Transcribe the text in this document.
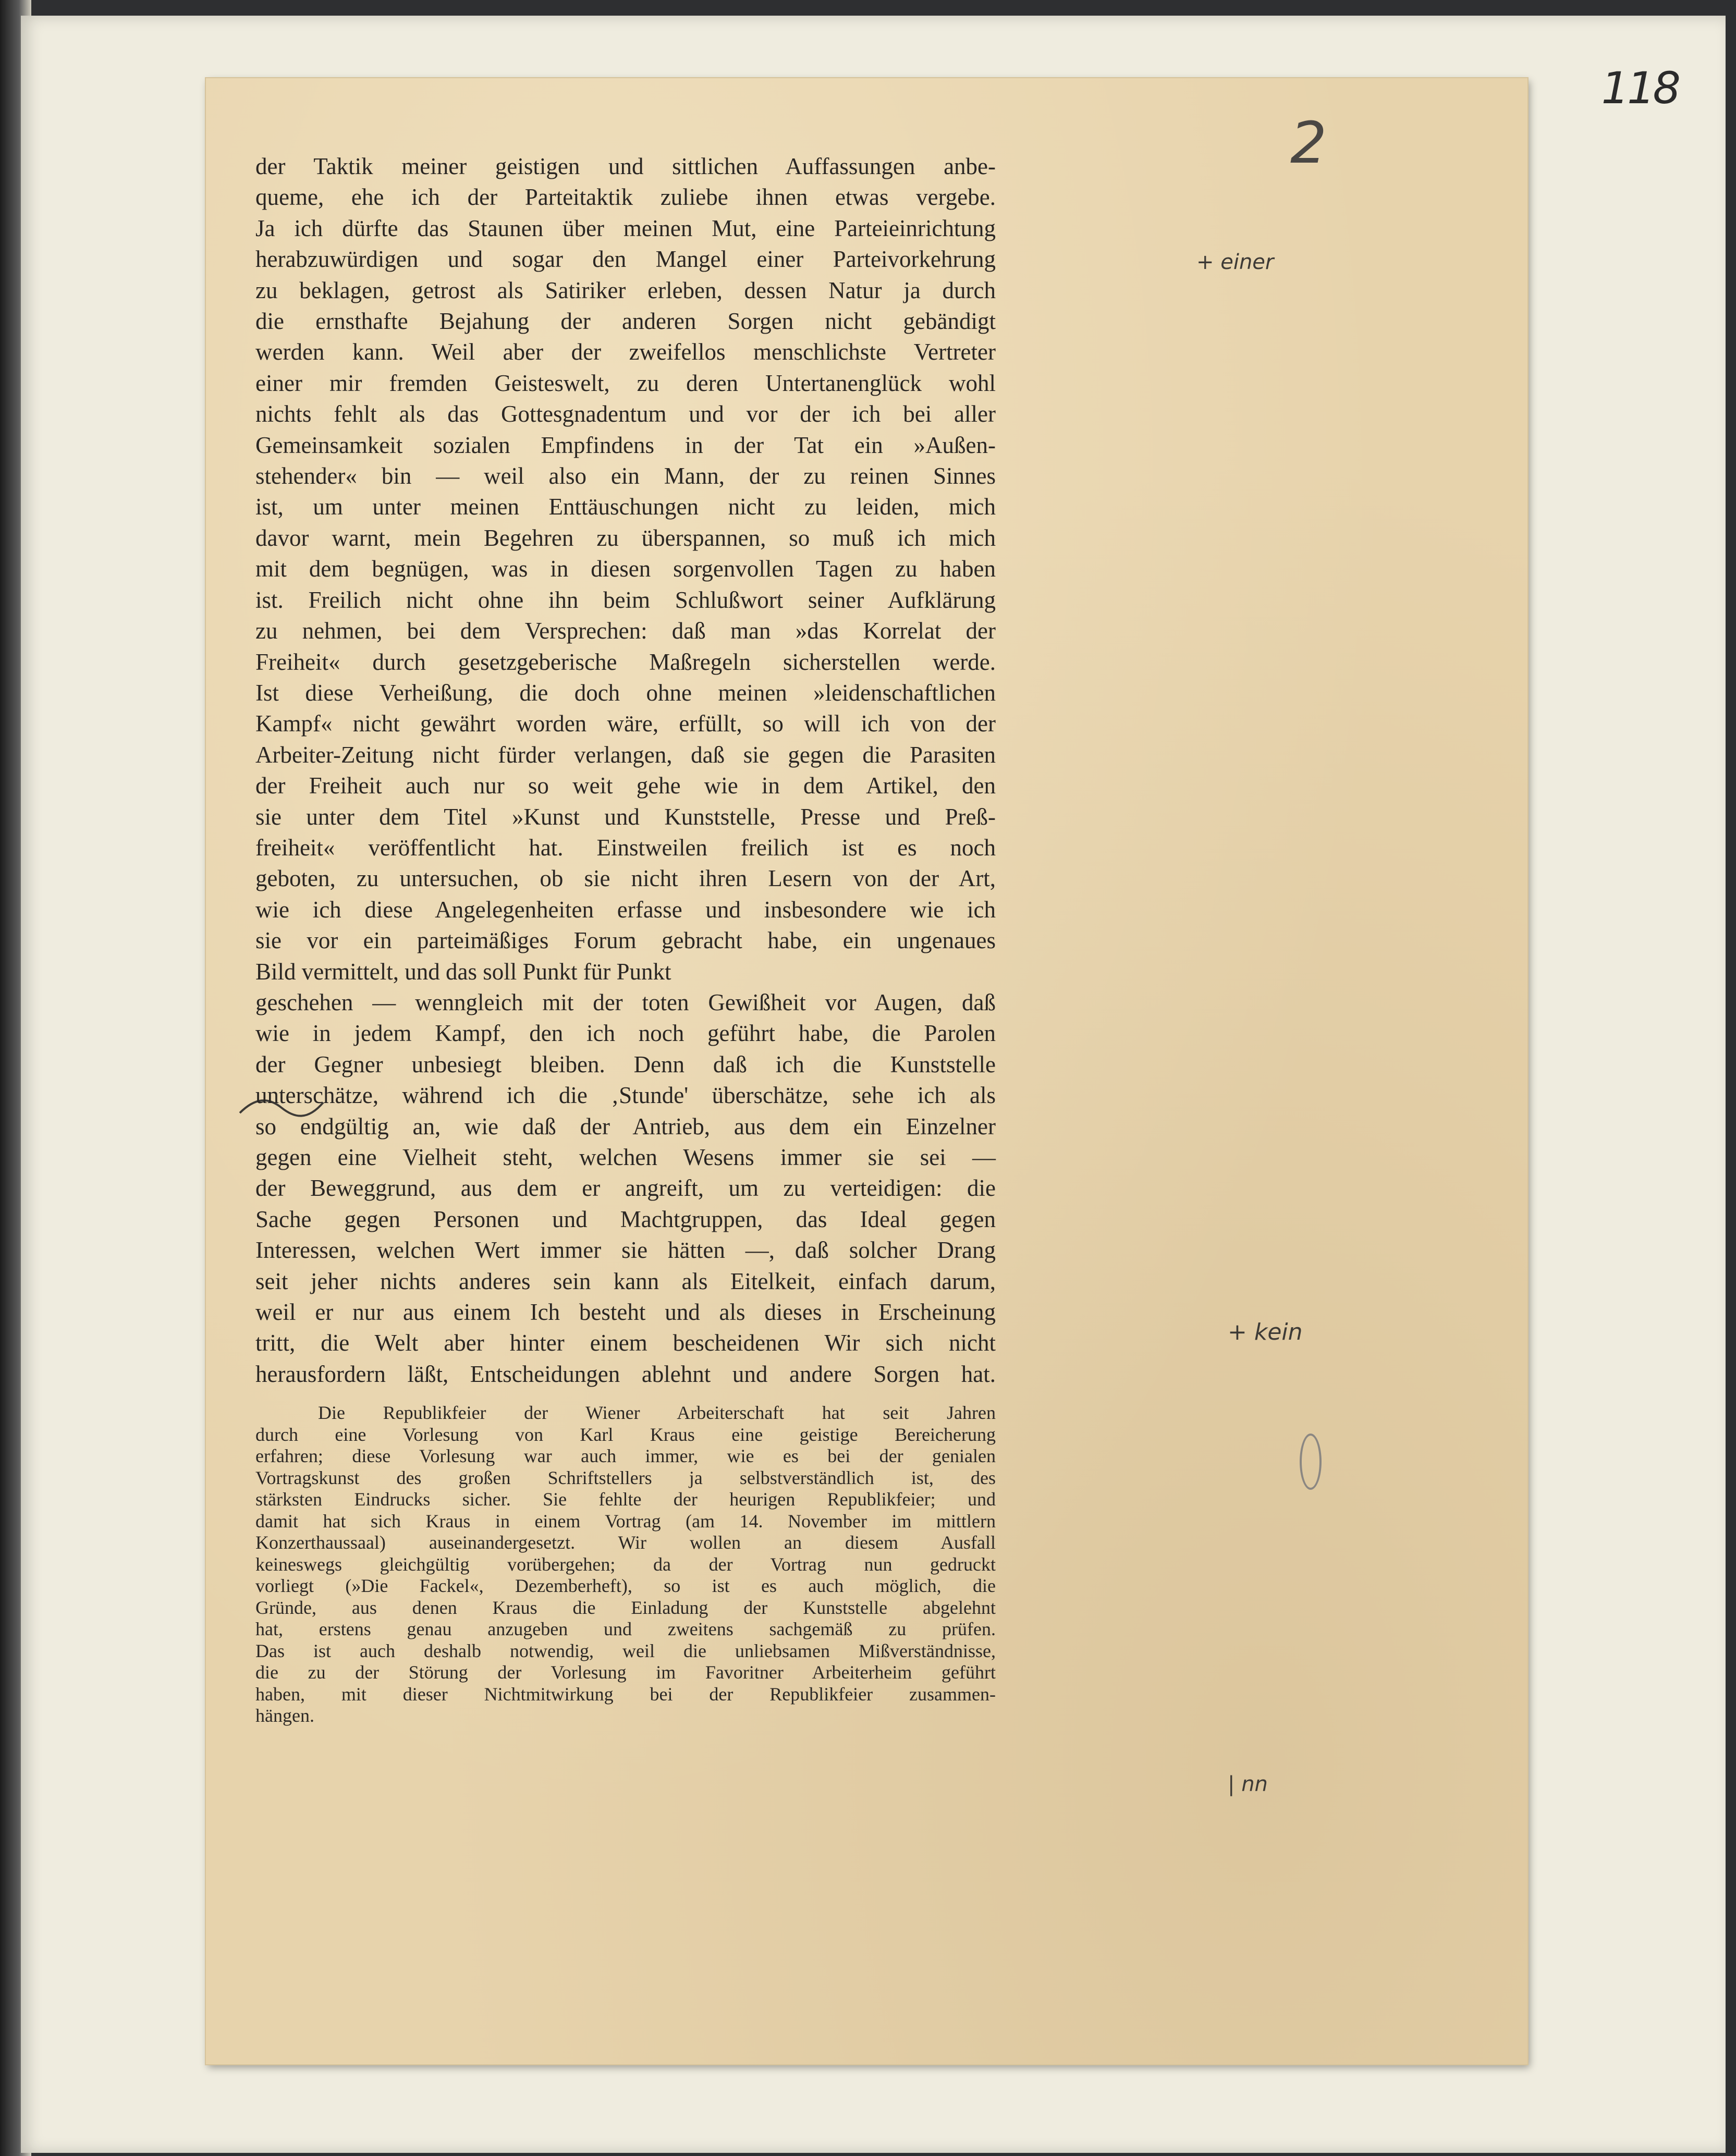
118
2
+ einer
+ kein
| nn
der Taktik meiner geistigen und sittlichen Auffassungen anbe-
queme, ehe ich der Parteitaktik zuliebe ihnen etwas vergebe.
Ja ich dürfte das Staunen über meinen Mut, eine Parteieinrichtung
herabzuwürdigen und sogar den Mangel einer Parteivorkehrung
zu beklagen, getrost als Satiriker erleben, dessen Natur ja durch
die ernsthafte Bejahung der anderen Sorgen nicht gebändigt
werden kann. Weil aber der zweifellos menschlichste Vertreter
einer mir fremden Geisteswelt, zu deren Untertanenglück wohl
nichts fehlt als das Gottesgnadentum und vor der ich bei aller
Gemeinsamkeit sozialen Empfindens in der Tat ein »Außen-
stehender« bin — weil also ein Mann, der zu reinen Sinnes
ist, um unter meinen Enttäuschungen nicht zu leiden, mich
davor warnt, mein Begehren zu überspannen, so muß ich mich
mit dem begnügen, was in diesen sorgenvollen Tagen zu haben
ist. Freilich nicht ohne ihn beim Schlußwort seiner Aufklärung
zu nehmen, bei dem Versprechen: daß man »das Korrelat der
Freiheit« durch gesetzgeberische Maßregeln sicherstellen werde.
Ist diese Verheißung, die doch ohne meinen »leidenschaftlichen
Kampf« nicht gewährt worden wäre, erfüllt, so will ich von der
Arbeiter-Zeitung nicht fürder verlangen, daß sie gegen die Parasiten
der Freiheit auch nur so weit gehe wie in dem Artikel, den
sie unter dem Titel »Kunst und Kunststelle, Presse und Preß-
freiheit« veröffentlicht hat. Einstweilen freilich ist es noch
geboten, zu untersuchen, ob sie nicht ihren Lesern von der Art,
wie ich diese Angelegenheiten erfasse und insbesondere wie ich
sie vor ein parteimäßiges Forum gebracht habe, ein ungenaues
Bild vermittelt, und das soll Punkt für Punkt
geschehen — wenngleich mit der toten Gewißheit vor Augen, daß
wie in jedem Kampf, den ich noch geführt habe, die Parolen
der Gegner unbesiegt bleiben. Denn daß ich die Kunststelle
unterschätze, während ich die ‚Stunde' überschätze, sehe ich als
so endgültig an, wie daß der Antrieb, aus dem ein Einzelner
gegen eine Vielheit steht, welchen Wesens immer sie sei —
der Beweggrund, aus dem er angreift, um zu verteidigen: die
Sache gegen Personen und Machtgruppen, das Ideal gegen
Interessen, welchen Wert immer sie hätten —, daß solcher Drang
seit jeher nichts anderes sein kann als Eitelkeit, einfach darum,
weil er nur aus einem Ich besteht und als dieses in Erscheinung
tritt, die Welt aber hinter einem bescheidenen Wir sich nicht
herausfordern läßt, Entscheidungen ablehnt und andere Sorgen hat.
Die Republikfeier der Wiener Arbeiterschaft hat seit Jahren
durch eine Vorlesung von Karl Kraus eine geistige Bereicherung
erfahren; diese Vorlesung war auch immer, wie es bei der genialen
Vortragskunst des großen Schriftstellers ja selbstverständlich ist, des
stärksten Eindrucks sicher. Sie fehlte der heurigen Republikfeier; und
damit hat sich Kraus in einem Vortrag (am 14. November im mittlern
Konzerthaussaal) auseinandergesetzt. Wir wollen an diesem Ausfall
keineswegs gleichgültig vorübergehen; da der Vortrag nun gedruckt
vorliegt (»Die Fackel«, Dezemberheft), so ist es auch möglich, die
Gründe, aus denen Kraus die Einladung der Kunststelle abgelehnt
hat, erstens genau anzugeben und zweitens sachgemäß zu prüfen.
Das ist auch deshalb notwendig, weil die unliebsamen Mißverständnisse,
die zu der Störung der Vorlesung im Favoritner Arbeiterheim geführt
haben, mit dieser Nichtmitwirkung bei der Republikfeier zusammen-
hängen.
